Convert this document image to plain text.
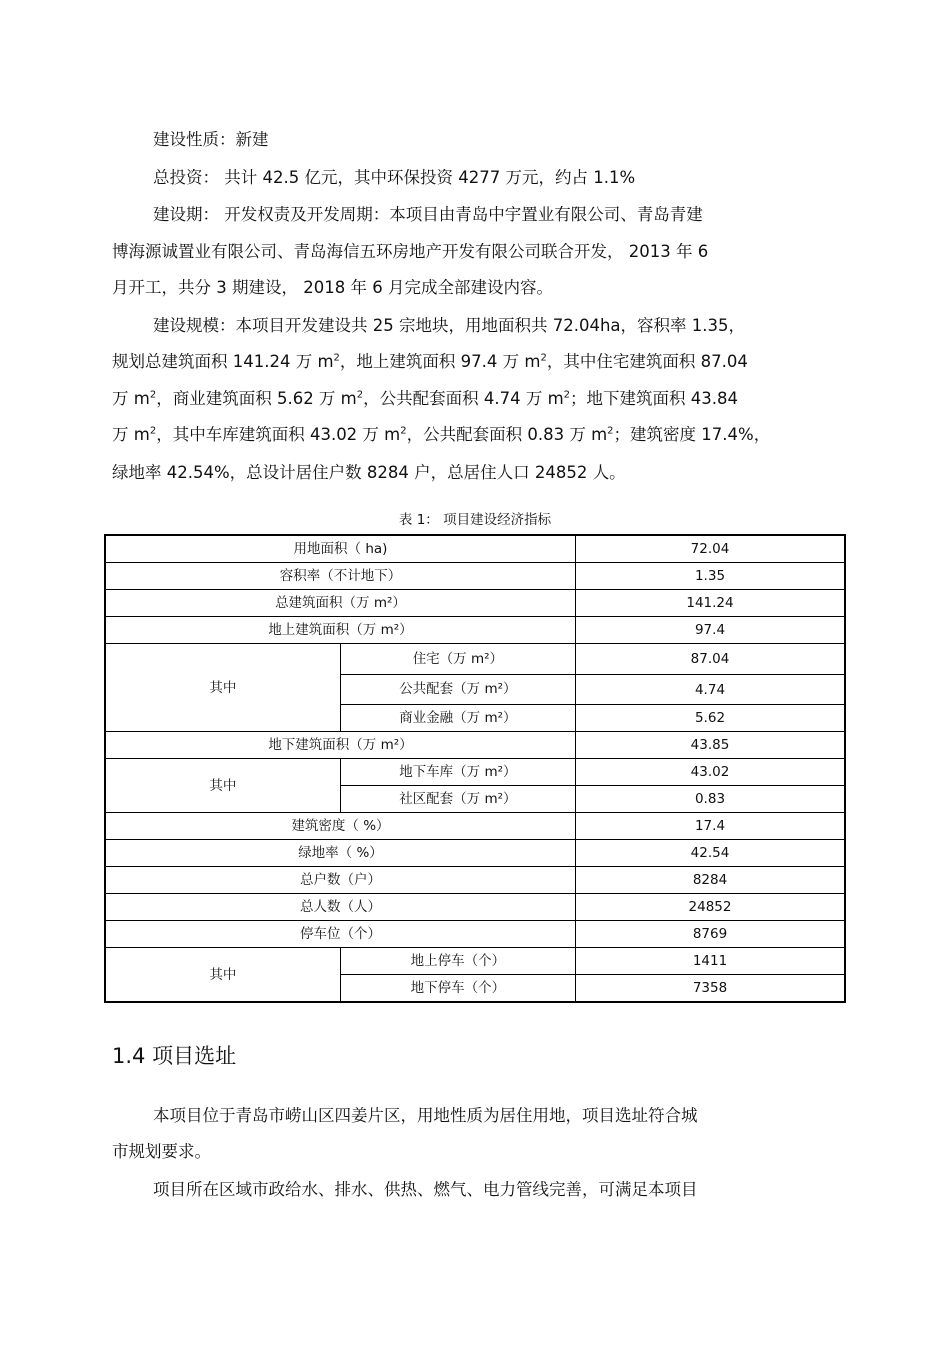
建设性质：新建
总投资： 共计 42.5 亿元，其中环保投资 4277 万元，约占 1.1%
建设期： 开发权责及开发周期：本项目由青岛中宇置业有限公司、青岛青建
博海源诚置业有限公司、青岛海信五环房地产开发有限公司联合开发， 2013 年 6
月开工，共分 3 期建设， 2018 年 6 月完成全部建设内容。
建设规模：本项目开发建设共 25 宗地块，用地面积共 72.04ha，容积率 1.35，
规划总建筑面积 141.24 万 $m^2$，地上建筑面积 97.4 万 $m^2$，其中住宅建筑面积 87.04
万 $m^2$，商业建筑面积 5.62 万 $m^2$，公共配套面积 4.74 万 $m^2$；地下建筑面积 43.84
万 $m^2$，其中车库建筑面积 43.02 万 $m^2$，公共配套面积 0.83 万 $m^2$；建筑密度 17.4%，
绿地率 42.54%，总设计居住户数 8284 户，总居住人口 24852 人。
表 1： 项目建设经济指标
用地面积（ ha)		72.04
容积率（不计地下）		1.35
总建筑面积（万 m²）		141.24
地上建筑面积（万 m²）		97.4
其中	住宅（万 m²）	87.04
	公共配套（万 m²）	4.74
	商业金融（万 m²）	5.62
地下建筑面积（万 m²）		43.85
其中	地下车库（万 m²）	43.02
	社区配套（万 m²）	0.83
建筑密度（ %）		17.4
绿地率（ %）		42.54
总户数（户）		8284
总人数（人）		24852
停车位（个）		8769
其中	地上停车（个）	1411
	地下停车（个）	7358
1.4 项目选址
本项目位于青岛市崂山区四姜片区，用地性质为居住用地，项目选址符合城
市规划要求。
项目所在区域市政给水、排水、供热、燃气、电力管线完善，可满足本项目
